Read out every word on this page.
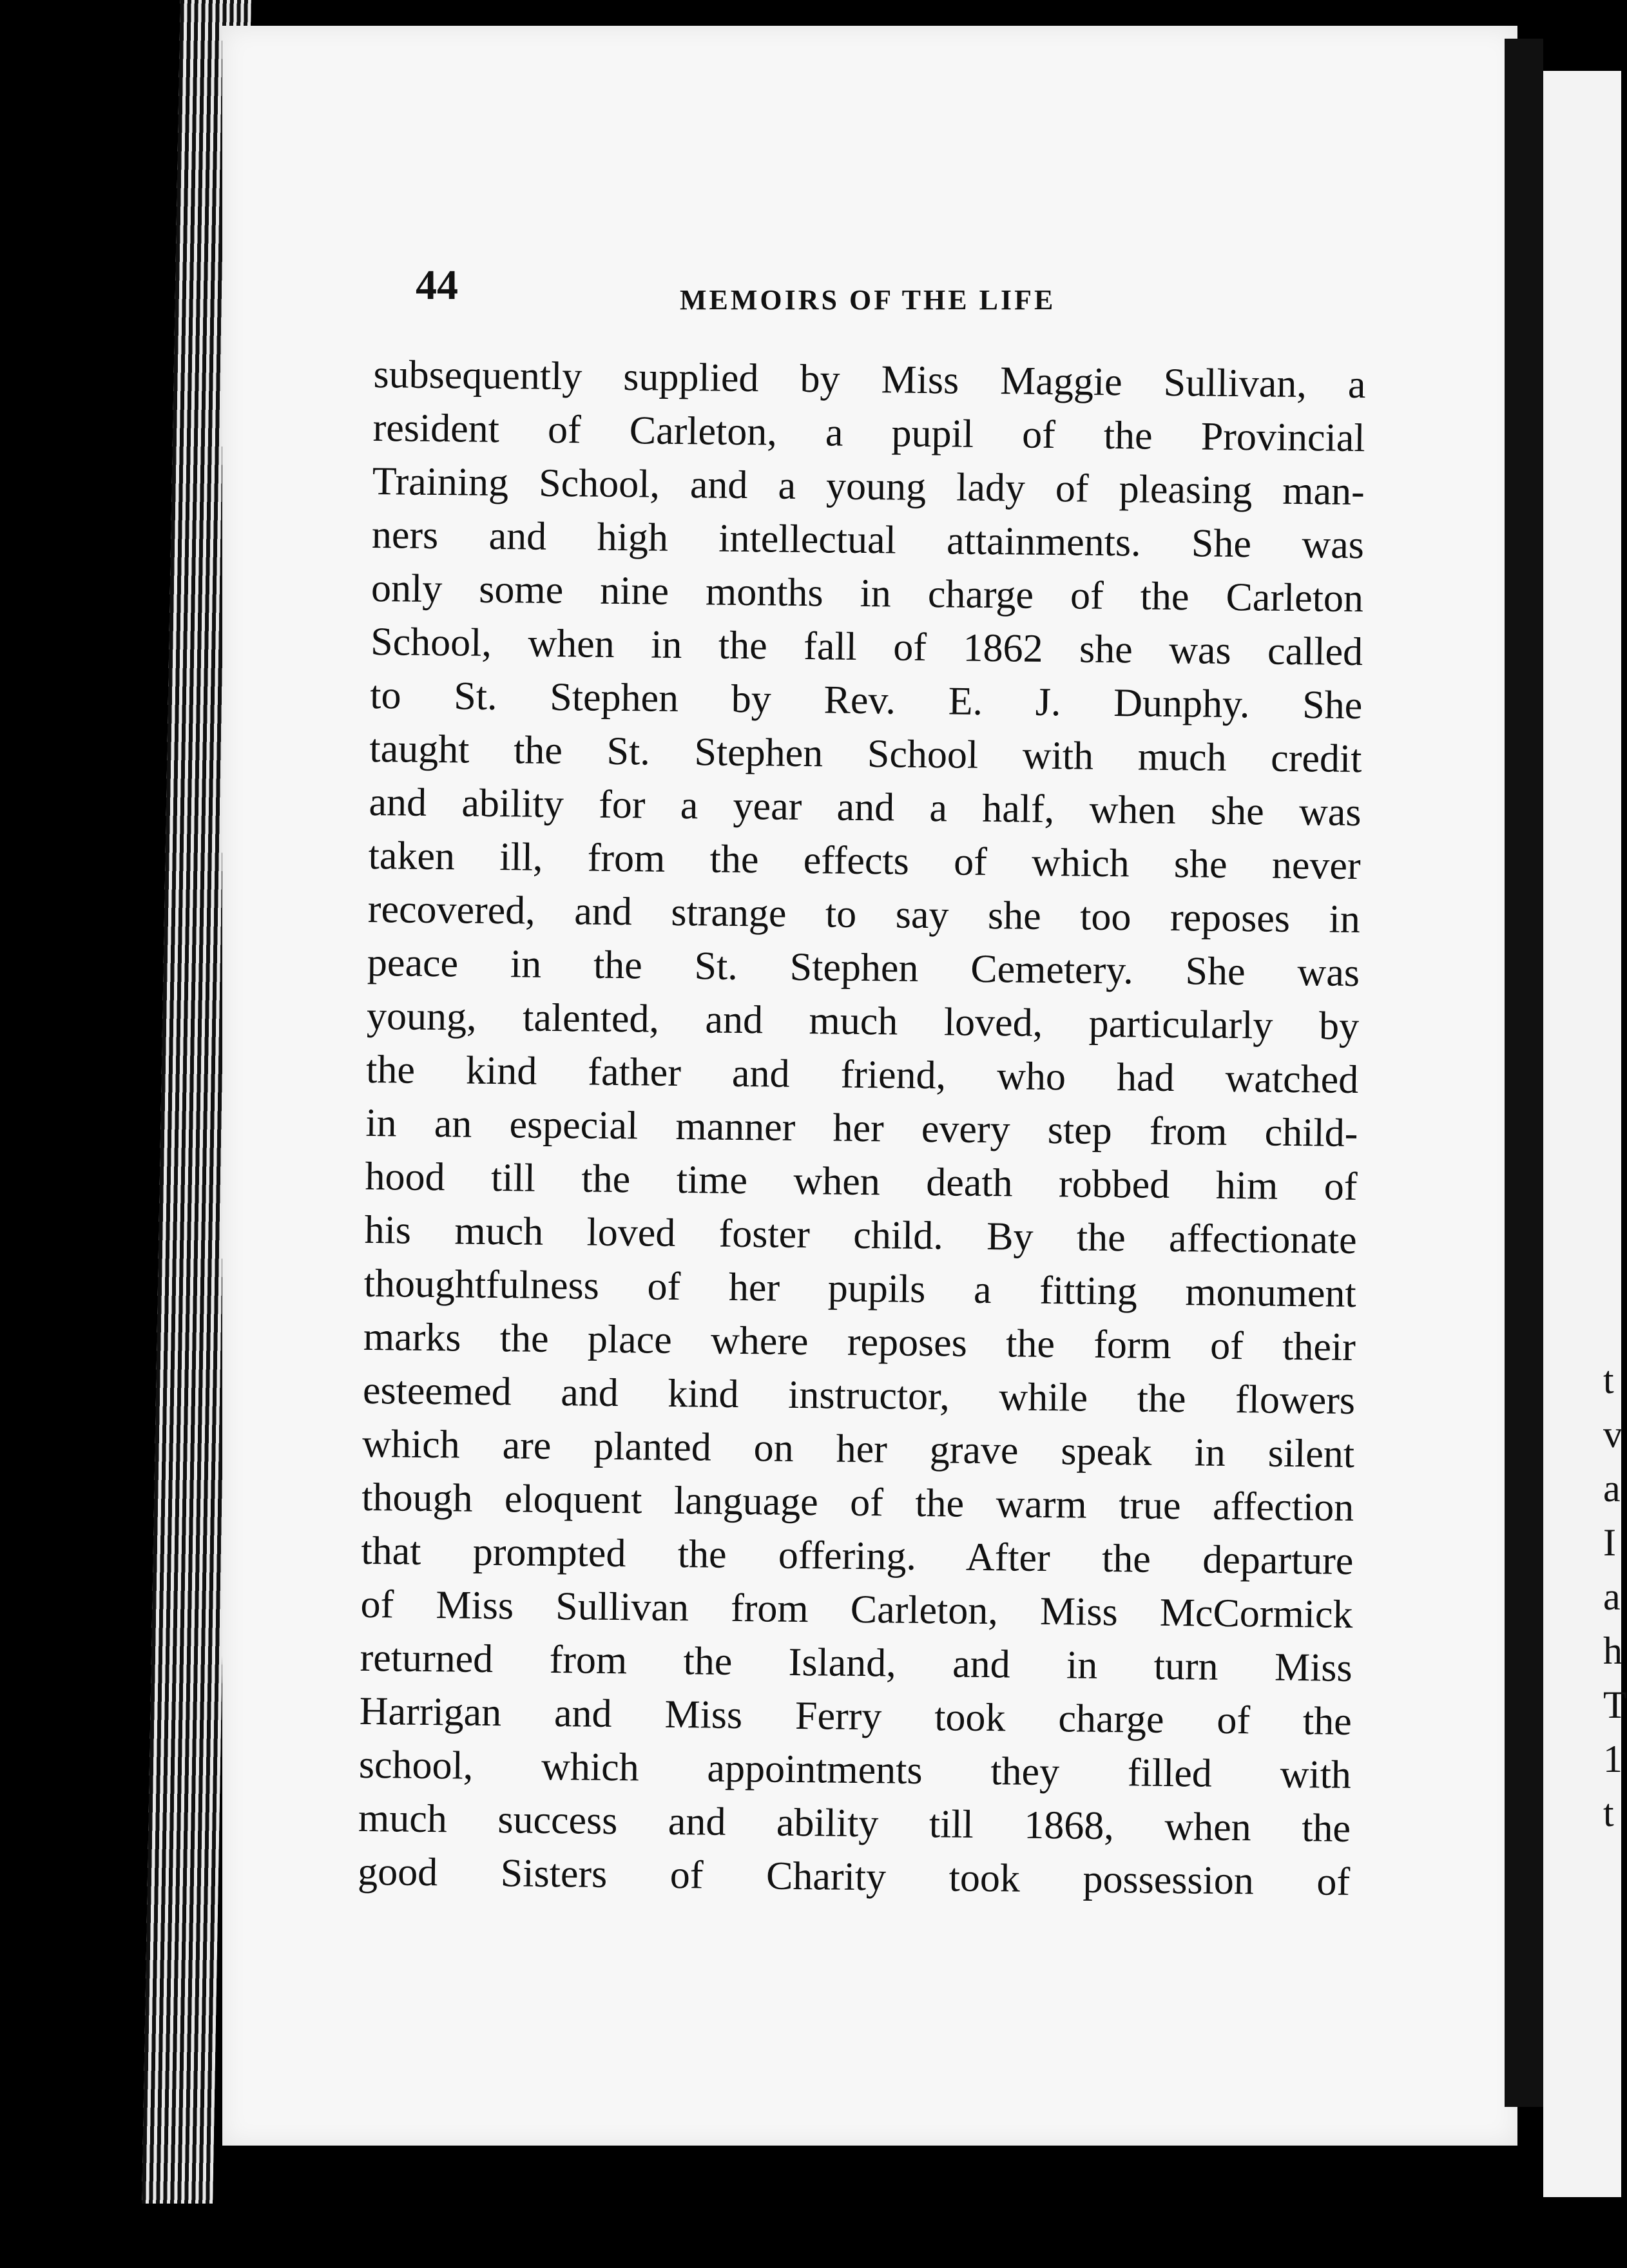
t
v
a
I
a
h
T
1
t
44	MEMOIRS OF THE LIFE
subsequently supplied by Miss Maggie Sullivan, a
resident of Carleton, a pupil of the Provincial
Training School, and a young lady of pleasing man-
ners and high intellectual attainments. She was
only some nine months in charge of the Carleton
School, when in the fall of 1862 she was called
to St. Stephen by Rev. E. J. Dunphy. She
taught the St. Stephen School with much credit
and ability for a year and a half, when she was
taken ill, from the effects of which she never
recovered, and strange to say she too reposes in
peace in the St. Stephen Cemetery. She was
young, talented, and much loved, particularly by
the kind father and friend, who had watched
in an especial manner her every step from child-
hood till the time when death robbed him of
his much loved foster child. By the affectionate
thoughtfulness of her pupils a fitting monument
marks the place where reposes the form of their
esteemed and kind instructor, while the flowers
which are planted on her grave speak in silent
though eloquent language of the warm true affection
that prompted the offering. After the departure
of Miss Sullivan from Carleton, Miss McCormick
returned from the Island, and in turn Miss
Harrigan and Miss Ferry took charge of the
school, which appointments they filled with
much success and ability till 1868, when the
good Sisters of Charity took possession of
